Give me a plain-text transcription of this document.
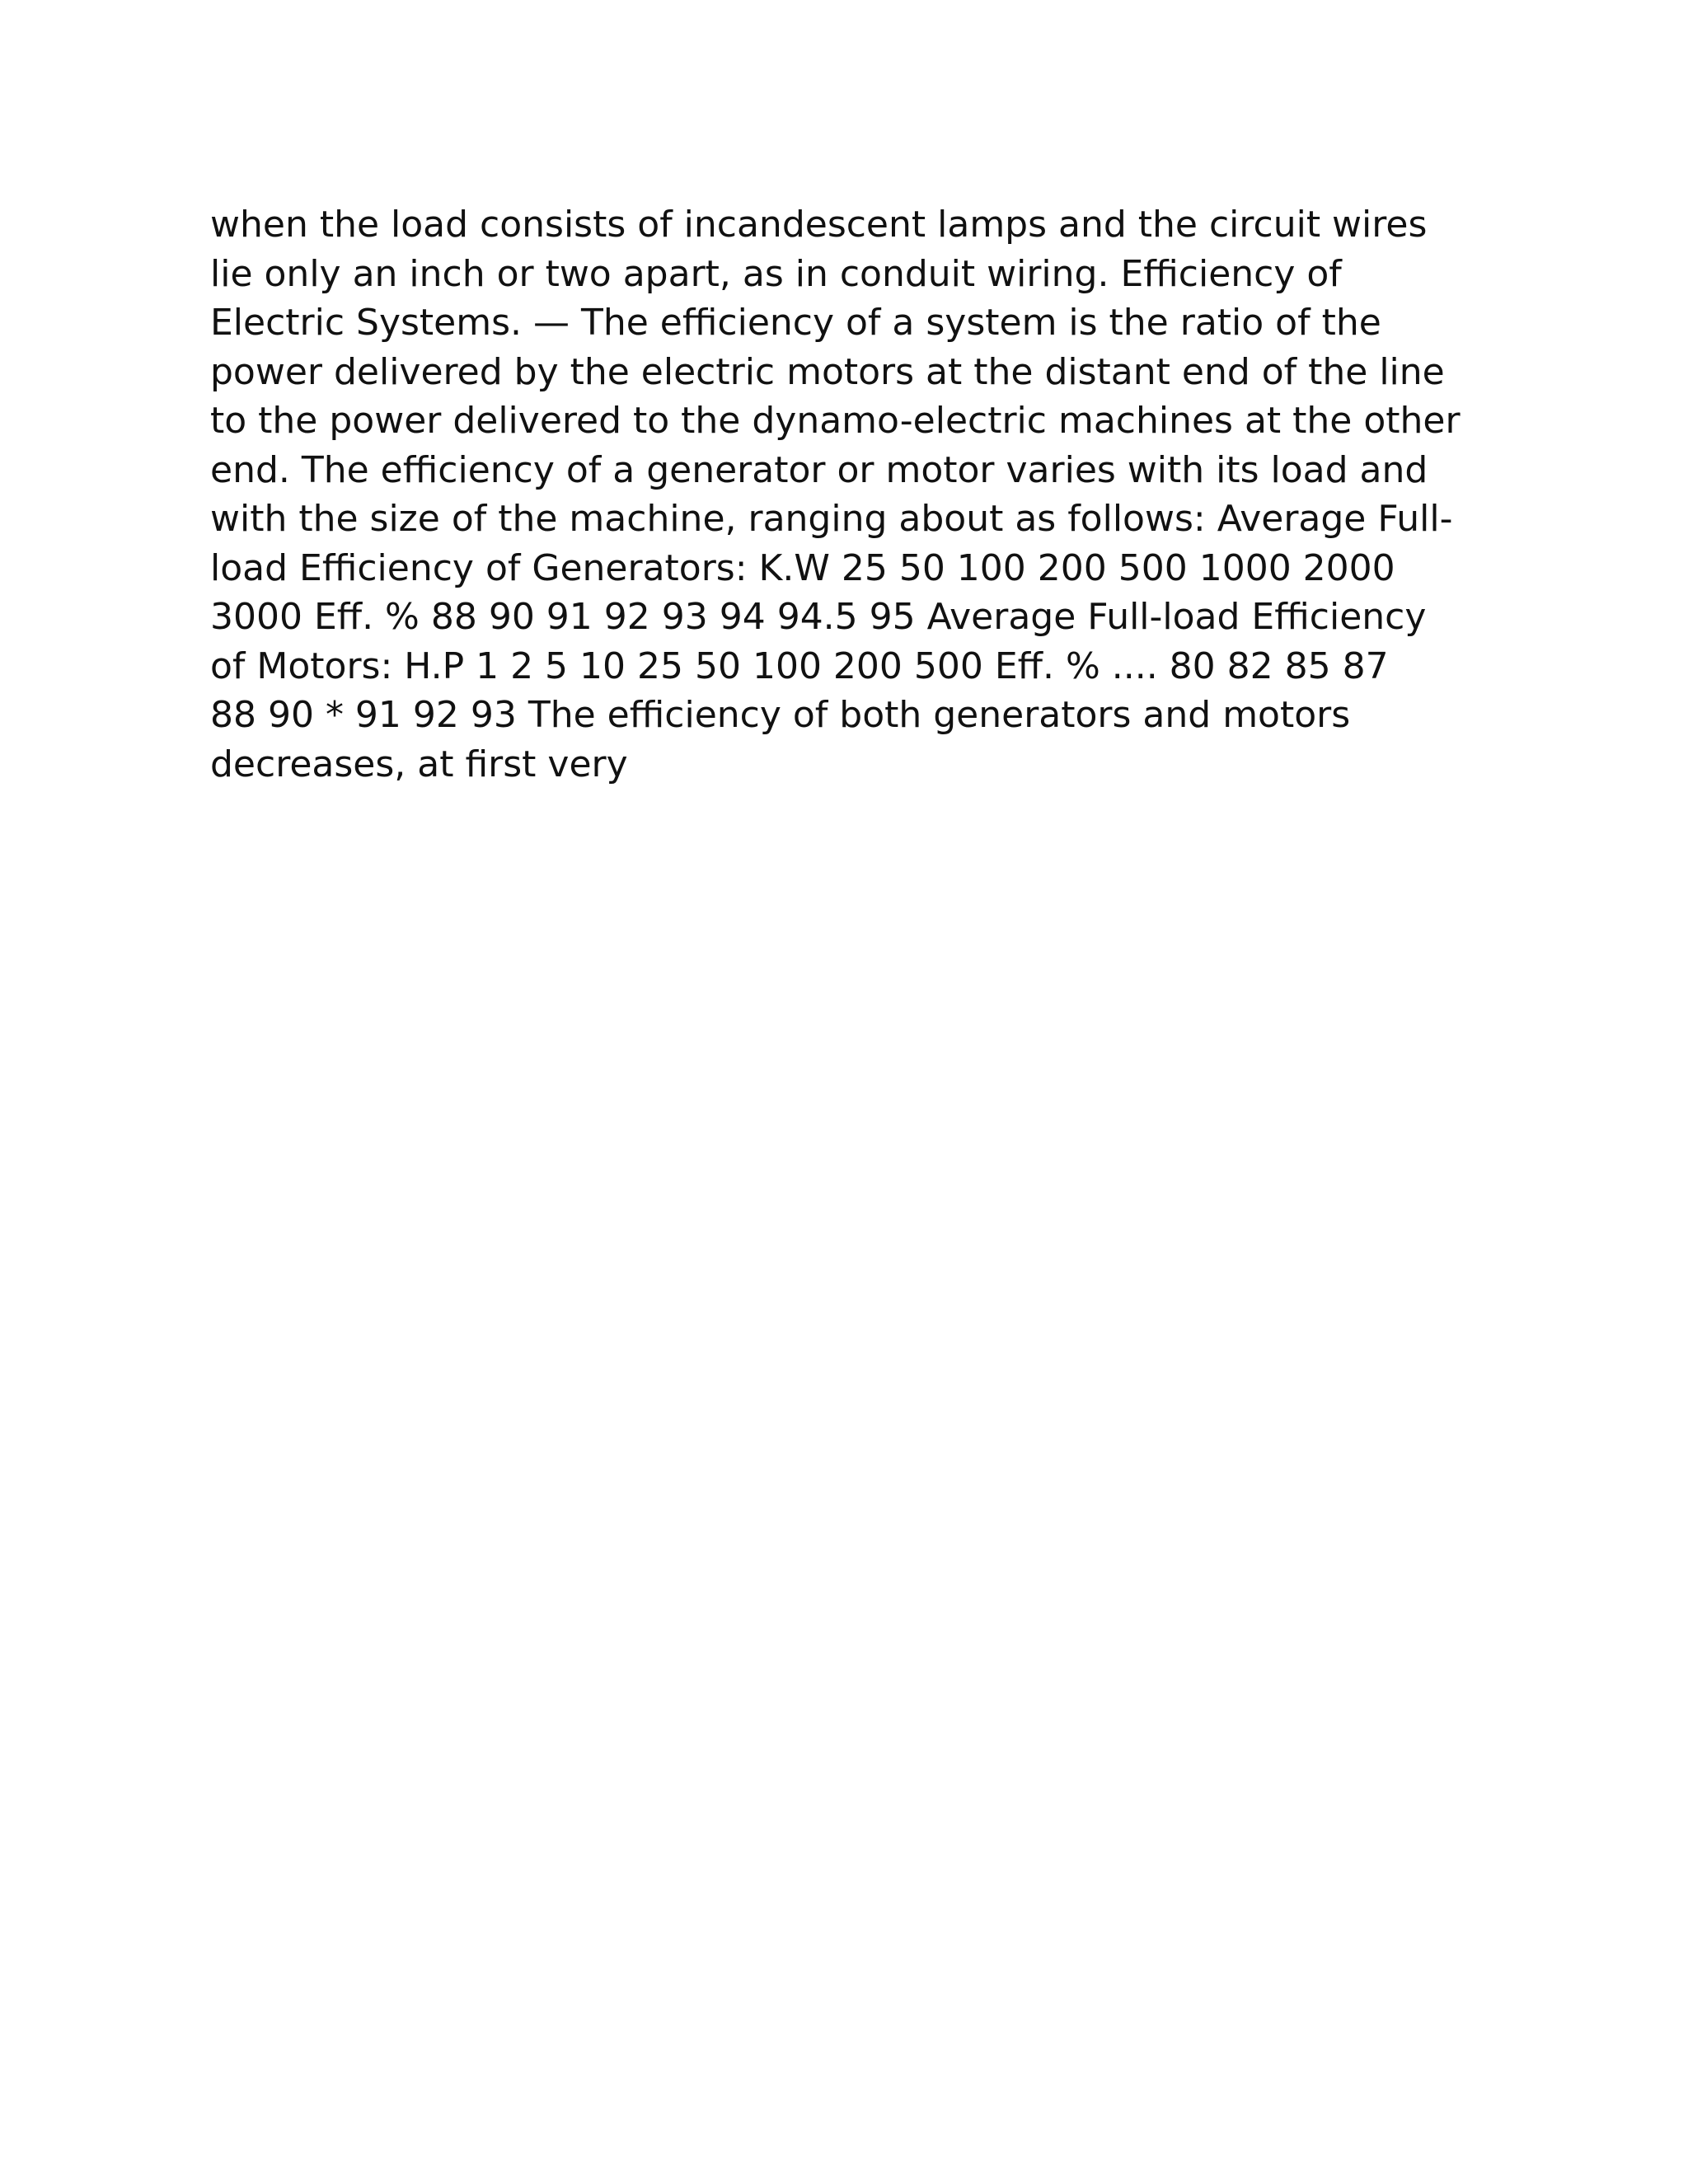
when the load consists of incandescent lamps and the circuit wires
lie only an inch or two apart, as in conduit wiring. Efficiency of
Electric Systems. — The efficiency of a system is the ratio of the
power delivered by the electric motors at the distant end of the line
to the power delivered to the dynamo-electric machines at the other
end. The efficiency of a generator or motor varies with its load and
with the size of the machine, ranging about as follows: Average Full-
load Efficiency of Generators: K.W 25 50 100 200 500 1000 2000
3000 Eff. % 88 90 91 92 93 94 94.5 95 Average Full-load Efficiency
of Motors: H.P 1 2 5 10 25 50 100 200 500 Eff. % .... 80 82 85 87
88 90 * 91 92 93 The efficiency of both generators and motors
decreases, at first very
